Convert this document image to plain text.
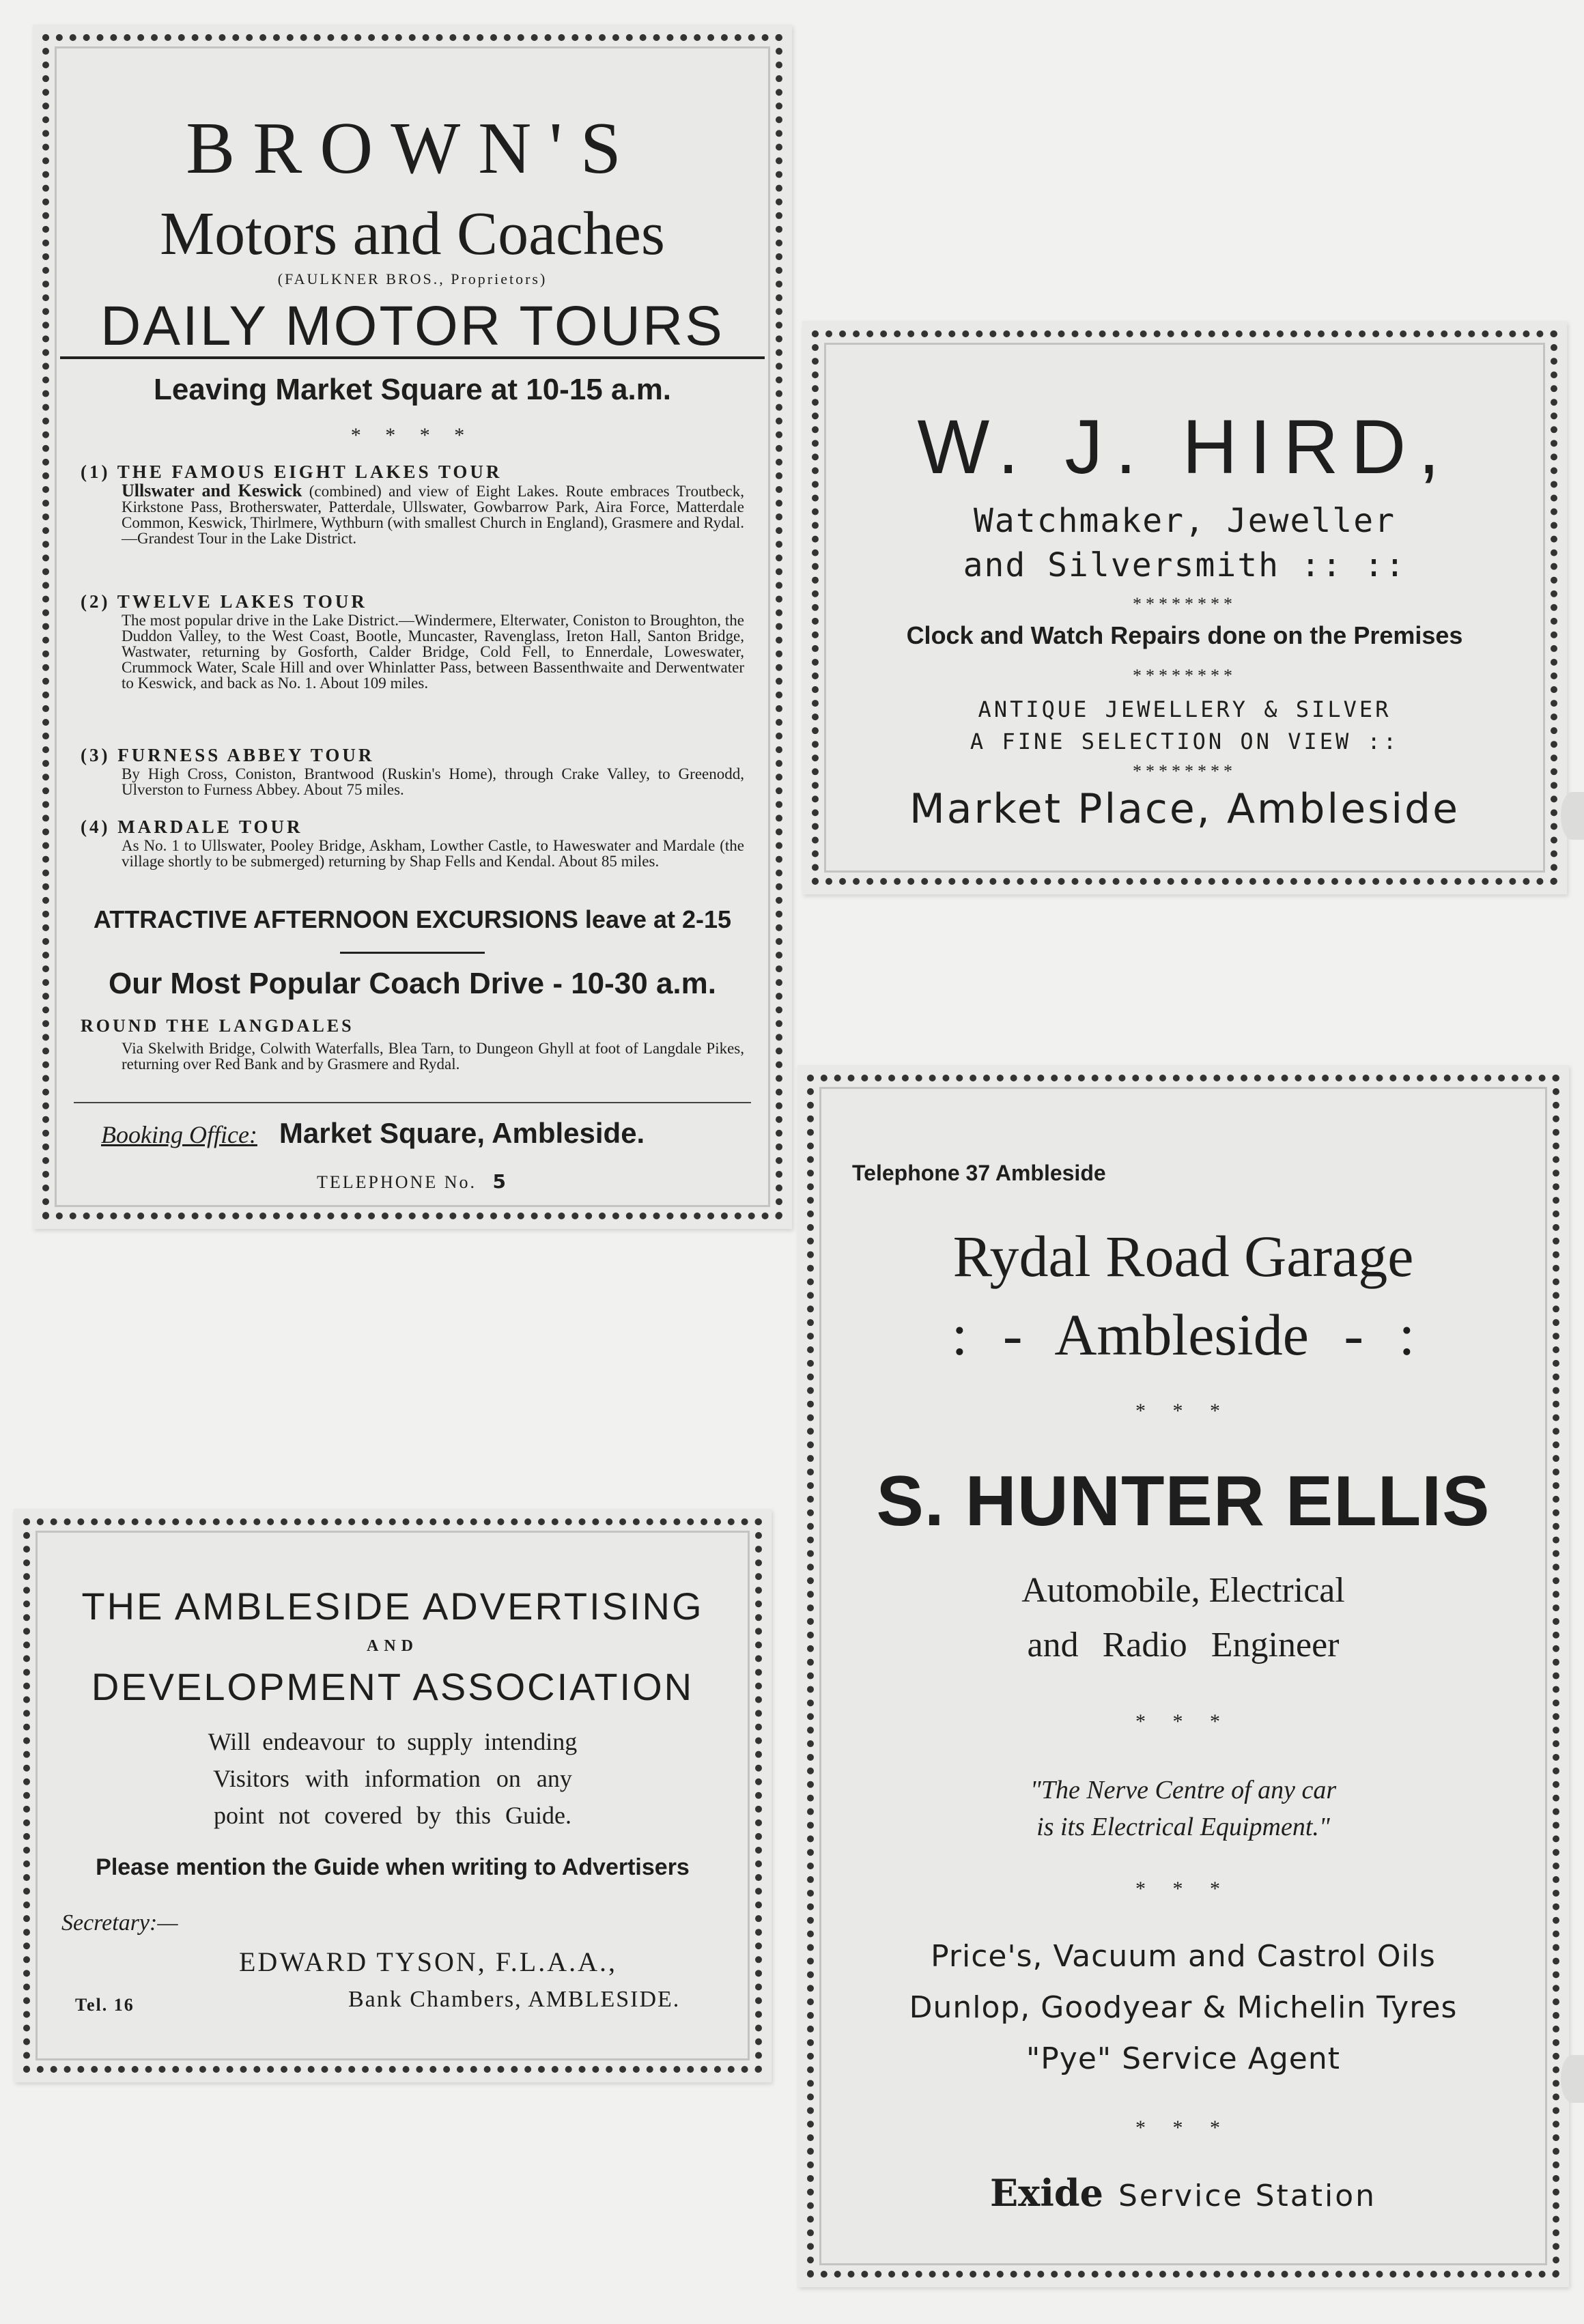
BROWN'S
Motors and Coaches
(FAULKNER BROS., Proprietors)
DAILY MOTOR TOURS
Leaving Market Square at 10-15 a.m.
* * * *
(1) THE FAMOUS EIGHT LAKES TOUR
Ullswater and Keswick (combined) and view of Eight Lakes. Route embraces Troutbeck, Kirkstone Pass, Brotherswater, Patterdale, Ullswater, Gowbarrow Park, Aira Force, Matterdale Common, Keswick, Thirlmere, Wythburn (with smallest Church in England), Grasmere and Rydal.—Grandest Tour in the Lake District.
(2) TWELVE LAKES TOUR
The most popular drive in the Lake District.—Windermere, Elterwater, Coniston to Broughton, the Duddon Valley, to the West Coast, Bootle, Muncaster, Ravenglass, Ireton Hall, Santon Bridge, Wastwater, returning by Gosforth, Calder Bridge, Cold Fell, to Ennerdale, Loweswater, Crummock Water, Scale Hill and over Whinlatter Pass, between Bassenthwaite and Derwentwater to Keswick, and back as No. 1. About 109 miles.
(3) FURNESS ABBEY TOUR
By High Cross, Coniston, Brantwood (Ruskin's Home), through Crake Valley, to Greenodd, Ulverston to Furness Abbey. About 75 miles.
(4) MARDALE TOUR
As No. 1 to Ullswater, Pooley Bridge, Askham, Lowther Castle, to Haweswater and Mardale (the village shortly to be submerged) returning by Shap Fells and Kendal. About 85 miles.
ATTRACTIVE AFTERNOON EXCURSIONS leave at 2-15
Our Most Popular Coach Drive - 10-30 a.m.
ROUND THE LANGDALES
Via Skelwith Bridge, Colwith Waterfalls, Blea Tarn, to Dungeon Ghyll at foot of Langdale Pikes, returning over Red Bank and by Grasmere and Rydal.
Booking Office: Market Square, Ambleside.
TELEPHONE No. 5
W. J. HIRD,
Watchmaker, Jeweller
and Silversmith :: ::
********
Clock and Watch Repairs done on the Premises
********
ANTIQUE JEWELLERY & SILVER
A FINE SELECTION ON VIEW ::
********
Market Place, Ambleside
THE AMBLESIDE ADVERTISING
AND
DEVELOPMENT ASSOCIATION
Will endeavour to supply intending
Visitors with information on any
point not covered by this Guide.
Please mention the Guide when writing to Advertisers
Secretary:—
EDWARD TYSON, F.L.A.A.,
Tel. 16	Bank Chambers, AMBLESIDE.
Telephone 37 Ambleside
Rydal Road Garage
: - Ambleside - :
* * *
S. HUNTER ELLIS
Automobile, Electrical
and Radio Engineer
* * *
"The Nerve Centre of any car
is its Electrical Equipment."
* * *
Price's, Vacuum and Castrol Oils
Dunlop, Goodyear & Michelin Tyres
"Pye" Service Agent
* * *
Exide Service Station
